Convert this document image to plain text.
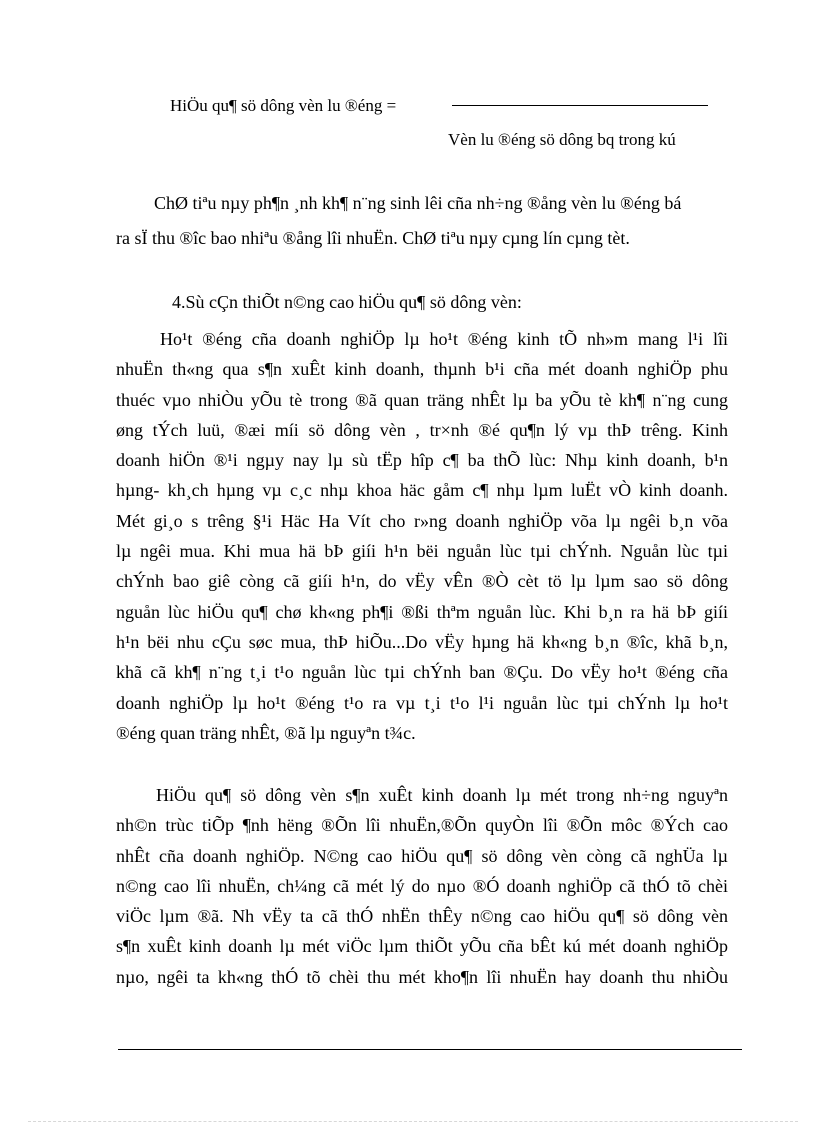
HiÖu qu¶ sö dông vèn lu ®éng =
Vèn lu ®éng sö dông bq trong kú
ChØ tiªu nµy ph¶n ¸nh kh¶ n¨ng sinh lêi cña nh÷ng ®ång vèn lu ®éng bá
ra sÏ thu ®îc bao nhiªu ®ång lîi nhuËn. ChØ tiªu nµy cµng lín cµng tèt.
4.Sù cÇn thiÕt n©ng cao hiÖu qu¶ sö dông vèn:
Ho¹t ®éng cña doanh nghiÖp lµ ho¹t ®éng kinh tÕ nh»m mang l¹i lîi
nhuËn th«ng qua s¶n xuÊt kinh doanh, thµnh b¹i cña mét doanh nghiÖp phu
thuéc vµo nhiÒu yÕu tè trong ®ã quan träng nhÊt lµ ba yÕu tè kh¶ n¨ng cung
øng tÝch luü, ®æi míi sö dông vèn , tr×nh ®é qu¶n lý vµ thÞ trêng. Kinh
doanh hiÖn ®¹i ngµy nay lµ sù tËp hîp c¶ ba thÕ lùc: Nhµ kinh doanh, b¹n
hµng- kh¸ch hµng vµ c¸c nhµ khoa häc gåm c¶ nhµ lµm luËt vÒ kinh doanh.
Mét gi¸o s trêng §¹i Häc Ha Vít cho r»ng doanh nghiÖp võa lµ ngêi b¸n võa
lµ ngêi mua. Khi mua hä bÞ giíi h¹n bëi nguån lùc tµi chÝnh. Nguån lùc tµi
chÝnh bao giê còng cã giíi h¹n, do vËy vÊn ®Ò cèt tö lµ lµm sao sö dông
nguån lùc hiÖu qu¶ chø kh«ng ph¶i ®ßi thªm nguån lùc. Khi b¸n ra hä bÞ giíi
h¹n bëi nhu cÇu søc mua, thÞ hiÕu...Do vËy hµng hä kh«ng b¸n ®îc, khã b¸n,
khã cã kh¶ n¨ng t¸i t¹o nguån lùc tµi chÝnh ban ®Çu. Do vËy ho¹t ®éng cña
doanh nghiÖp lµ ho¹t ®éng t¹o ra vµ t¸i t¹o l¹i nguån lùc tµi chÝnh lµ ho¹t
®éng quan träng nhÊt, ®ã lµ nguyªn t¾c.
HiÖu qu¶ sö dông vèn s¶n xuÊt kinh doanh lµ mét trong nh÷ng nguyªn
nh©n trùc tiÕp ¶nh hëng ®Õn lîi nhuËn,®Õn quyÒn lîi ®Õn môc ®Ých cao
nhÊt cña doanh nghiÖp. N©ng cao hiÖu qu¶ sö dông vèn còng cã nghÜa lµ
n©ng cao lîi nhuËn, ch¼ng cã mét lý do nµo ®Ó doanh nghiÖp cã thÓ tõ chèi
viÖc lµm ®ã. Nh vËy ta cã thÓ nhËn thÊy n©ng cao hiÖu qu¶ sö dông vèn
s¶n xuÊt kinh doanh lµ mét viÖc lµm thiÕt yÕu cña bÊt kú mét doanh nghiÖp
nµo, ngêi ta kh«ng thÓ tõ chèi thu mét kho¶n lîi nhuËn hay doanh thu nhiÒu
